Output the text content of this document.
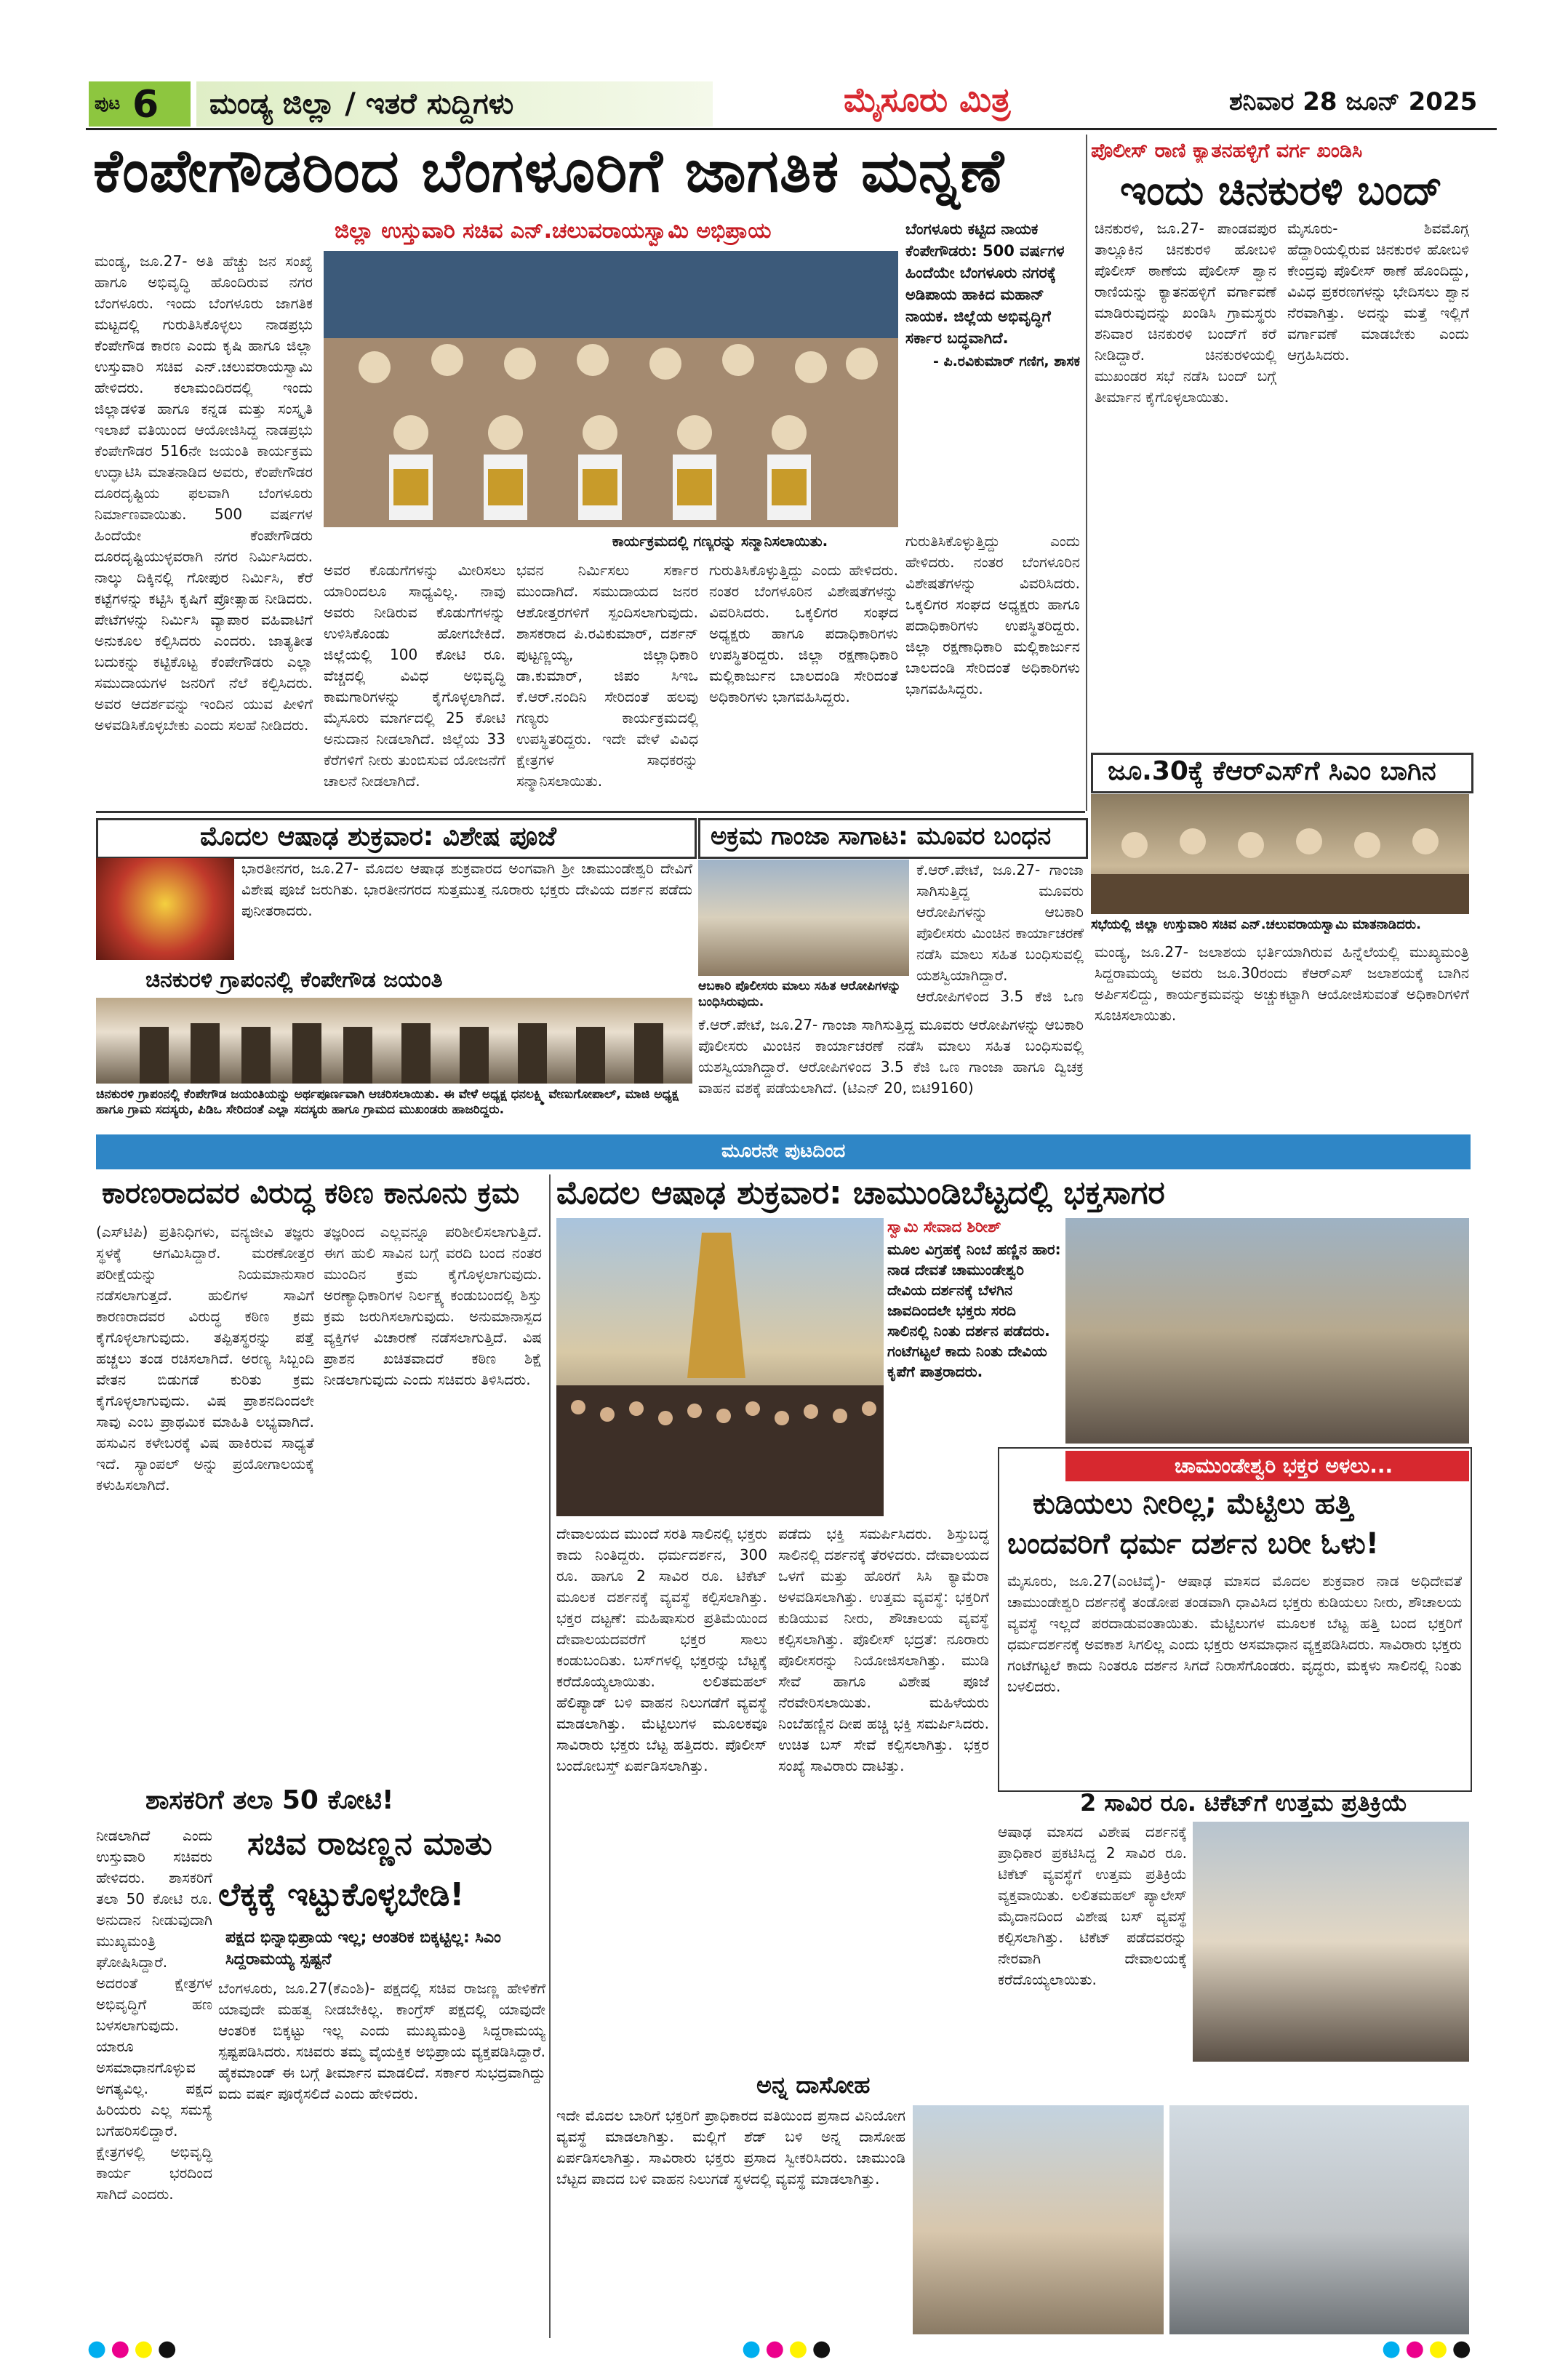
ಪುಟ 6 ಮಂಡ್ಯ ಜಿಲ್ಲಾ / ಇತರೆ ಸುದ್ದಿಗಳು	ಮೈಸೂರು ಮಿತ್ರ	ಶನಿವಾರ 28 ಜೂನ್ 2025
ಕೆಂಪೇಗೌಡರಿಂದ ಬೆಂಗಳೂರಿಗೆ ಜಾಗತಿಕ ಮನ್ನಣೆ
ಜಿಲ್ಲಾ ಉಸ್ತುವಾರಿ ಸಚಿವ ಎನ್.ಚಲುವರಾಯಸ್ವಾಮಿ ಅಭಿಪ್ರಾಯ
ಮಂಡ್ಯ, ಜೂ.27- ಅತಿ ಹೆಚ್ಚು ಜನ ಸಂಖ್ಯೆ ಹಾಗೂ ಅಭಿವೃದ್ಧಿ ಹೊಂದಿರುವ ನಗರ ಬೆಂಗಳೂರು. ಇಂದು ಬೆಂಗಳೂರು ಜಾಗತಿಕ ಮಟ್ಟದಲ್ಲಿ ಗುರುತಿಸಿಕೊಳ್ಳಲು ನಾಡಪ್ರಭು ಕೆಂಪೇಗೌಡ ಕಾರಣ ಎಂದು ಕೃಷಿ ಹಾಗೂ ಜಿಲ್ಲಾ ಉಸ್ತುವಾರಿ ಸಚಿವ ಎನ್.ಚಲುವರಾಯಸ್ವಾಮಿ ಹೇಳಿದರು. ಕಲಾಮಂದಿರದಲ್ಲಿ ಇಂದು ಜಿಲ್ಲಾಡಳಿತ ಹಾಗೂ ಕನ್ನಡ ಮತ್ತು ಸಂಸ್ಕೃತಿ ಇಲಾಖೆ ವತಿಯಿಂದ ಆಯೋಜಿಸಿದ್ದ ನಾಡಪ್ರಭು ಕೆಂಪೇಗೌಡರ 516ನೇ ಜಯಂತಿ ಕಾರ್ಯಕ್ರಮ ಉದ್ಘಾಟಿಸಿ ಮಾತನಾಡಿದ ಅವರು, ಕೆಂಪೇಗೌಡರ ದೂರದೃಷ್ಟಿಯ ಫಲವಾಗಿ ಬೆಂಗಳೂರು ನಿರ್ಮಾಣವಾಯಿತು. 500 ವರ್ಷಗಳ ಹಿಂದೆಯೇ ಕೆಂಪೇಗೌಡರು ದೂರದೃಷ್ಟಿಯುಳ್ಳವರಾಗಿ ನಗರ ನಿರ್ಮಿಸಿದರು. ನಾಲ್ಕು ದಿಕ್ಕಿನಲ್ಲಿ ಗೋಪುರ ನಿರ್ಮಿಸಿ, ಕೆರೆ ಕಟ್ಟೆಗಳನ್ನು ಕಟ್ಟಿಸಿ ಕೃಷಿಗೆ ಪ್ರೋತ್ಸಾಹ ನೀಡಿದರು. ಪೇಟೆಗಳನ್ನು ನಿರ್ಮಿಸಿ ವ್ಯಾಪಾರ ವಹಿವಾಟಿಗೆ ಅನುಕೂಲ ಕಲ್ಪಿಸಿದರು ಎಂದರು. ಜಾತ್ಯತೀತ ಬದುಕನ್ನು ಕಟ್ಟಿಕೊಟ್ಟ ಕೆಂಪೇಗೌಡರು ಎಲ್ಲಾ ಸಮುದಾಯಗಳ ಜನರಿಗೆ ನೆಲೆ ಕಲ್ಪಿಸಿದರು. ಅವರ ಆದರ್ಶವನ್ನು ಇಂದಿನ ಯುವ ಪೀಳಿಗೆ ಅಳವಡಿಸಿಕೊಳ್ಳಬೇಕು ಎಂದು ಸಲಹೆ ನೀಡಿದರು.
ಕಾರ್ಯಕ್ರಮದಲ್ಲಿ ಗಣ್ಯರನ್ನು ಸನ್ಮಾನಿಸಲಾಯಿತು.
ಅವರ ಕೊಡುಗೆಗಳನ್ನು ಮೀರಿಸಲು ಯಾರಿಂದಲೂ ಸಾಧ್ಯವಿಲ್ಲ. ನಾವು ಅವರು ನೀಡಿರುವ ಕೊಡುಗೆಗಳನ್ನು ಉಳಿಸಿಕೊಂಡು ಹೋಗಬೇಕಿದೆ. ಜಿಲ್ಲೆಯಲ್ಲಿ 100 ಕೋಟಿ ರೂ. ವೆಚ್ಚದಲ್ಲಿ ವಿವಿಧ ಅಭಿವೃದ್ಧಿ ಕಾಮಗಾರಿಗಳನ್ನು ಕೈಗೊಳ್ಳಲಾಗಿದೆ. ಮೈಸೂರು ಮಾರ್ಗದಲ್ಲಿ 25 ಕೋಟಿ ಅನುದಾನ ನೀಡಲಾಗಿದೆ. ಜಿಲ್ಲೆಯ 33 ಕೆರೆಗಳಿಗೆ ನೀರು ತುಂಬಿಸುವ ಯೋಜನೆಗೆ ಚಾಲನೆ ನೀಡಲಾಗಿದೆ.
ಭವನ ನಿರ್ಮಿಸಲು ಸರ್ಕಾರ ಮುಂದಾಗಿದೆ. ಸಮುದಾಯದ ಜನರ ಆಶೋತ್ತರಗಳಿಗೆ ಸ್ಪಂದಿಸಲಾಗುವುದು. ಶಾಸಕರಾದ ಪಿ.ರವಿಕುಮಾರ್, ದರ್ಶನ್ ಪುಟ್ಟಣ್ಣಯ್ಯ, ಜಿಲ್ಲಾಧಿಕಾರಿ ಡಾ.ಕುಮಾರ್, ಜಿಪಂ ಸಿಇಒ ಕೆ.ಆರ್.ನಂದಿನಿ ಸೇರಿದಂತೆ ಹಲವು ಗಣ್ಯರು ಕಾರ್ಯಕ್ರಮದಲ್ಲಿ ಉಪಸ್ಥಿತರಿದ್ದರು. ಇದೇ ವೇಳೆ ವಿವಿಧ ಕ್ಷೇತ್ರಗಳ ಸಾಧಕರನ್ನು ಸನ್ಮಾನಿಸಲಾಯಿತು.
ಗುರುತಿಸಿಕೊಳ್ಳುತ್ತಿದ್ದು ಎಂದು ಹೇಳಿದರು. ನಂತರ ಬೆಂಗಳೂರಿನ ವಿಶೇಷತೆಗಳನ್ನು ವಿವರಿಸಿದರು. ಒಕ್ಕಲಿಗರ ಸಂಘದ ಅಧ್ಯಕ್ಷರು ಹಾಗೂ ಪದಾಧಿಕಾರಿಗಳು ಉಪಸ್ಥಿತರಿದ್ದರು. ಜಿಲ್ಲಾ ರಕ್ಷಣಾಧಿಕಾರಿ ಮಲ್ಲಿಕಾರ್ಜುನ ಬಾಲದಂಡಿ ಸೇರಿದಂತೆ ಅಧಿಕಾರಿಗಳು ಭಾಗವಹಿಸಿದ್ದರು.
ಬೆಂಗಳೂರು ಕಟ್ಟಿದ ನಾಯಕ ಕೆಂಪೇಗೌಡರು: 500 ವರ್ಷಗಳ ಹಿಂದೆಯೇ ಬೆಂಗಳೂರು ನಗರಕ್ಕೆ ಅಡಿಪಾಯ ಹಾಕಿದ ಮಹಾನ್ ನಾಯಕ. ಜಿಲ್ಲೆಯ ಅಭಿವೃದ್ಧಿಗೆ ಸರ್ಕಾರ ಬದ್ಧವಾಗಿದೆ.
- ಪಿ.ರವಿಕುಮಾರ್ ಗಣಿಗ, ಶಾಸಕ
ಗುರುತಿಸಿಕೊಳ್ಳುತ್ತಿದ್ದು ಎಂದು ಹೇಳಿದರು. ನಂತರ ಬೆಂಗಳೂರಿನ ವಿಶೇಷತೆಗಳನ್ನು ವಿವರಿಸಿದರು. ಒಕ್ಕಲಿಗರ ಸಂಘದ ಅಧ್ಯಕ್ಷರು ಹಾಗೂ ಪದಾಧಿಕಾರಿಗಳು ಉಪಸ್ಥಿತರಿದ್ದರು. ಜಿಲ್ಲಾ ರಕ್ಷಣಾಧಿಕಾರಿ ಮಲ್ಲಿಕಾರ್ಜುನ ಬಾಲದಂಡಿ ಸೇರಿದಂತೆ ಅಧಿಕಾರಿಗಳು ಭಾಗವಹಿಸಿದ್ದರು.
ಪೊಲೀಸ್ ರಾಣಿ ಕ್ಯಾತನಹಳ್ಳಿಗೆ ವರ್ಗ ಖಂಡಿಸಿ
ಇಂದು ಚಿನಕುರಳಿ ಬಂದ್
ಚಿನಕುರಳಿ, ಜೂ.27- ಪಾಂಡವಪುರ ತಾಲ್ಲೂಕಿನ ಚಿನಕುರಳಿ ಹೋಬಳಿ ಪೊಲೀಸ್ ಠಾಣೆಯ ಪೊಲೀಸ್ ಶ್ವಾನ ರಾಣಿಯನ್ನು ಕ್ಯಾತನಹಳ್ಳಿಗೆ ವರ್ಗಾವಣೆ ಮಾಡಿರುವುದನ್ನು ಖಂಡಿಸಿ ಗ್ರಾಮಸ್ಥರು ಶನಿವಾರ ಚಿನಕುರಳಿ ಬಂದ್‌ಗೆ ಕರೆ ನೀಡಿದ್ದಾರೆ. ಚಿನಕುರಳಿಯಲ್ಲಿ ಮುಖಂಡರ ಸಭೆ ನಡೆಸಿ ಬಂದ್ ಬಗ್ಗೆ ತೀರ್ಮಾನ ಕೈಗೊಳ್ಳಲಾಯಿತು.
ಮೈಸೂರು- ಶಿವಮೊಗ್ಗ ಹೆದ್ದಾರಿಯಲ್ಲಿರುವ ಚಿನಕುರಳಿ ಹೋಬಳಿ ಕೇಂದ್ರವು ಪೊಲೀಸ್ ಠಾಣೆ ಹೊಂದಿದ್ದು, ವಿವಿಧ ಪ್ರಕರಣಗಳನ್ನು ಭೇದಿಸಲು ಶ್ವಾನ ನೆರವಾಗಿತ್ತು. ಅದನ್ನು ಮತ್ತೆ ಇಲ್ಲಿಗೆ ವರ್ಗಾವಣೆ ಮಾಡಬೇಕು ಎಂದು ಆಗ್ರಹಿಸಿದರು.
ಜೂ.30ಕ್ಕೆ ಕೆಆರ್‌ಎಸ್‌ಗೆ ಸಿಎಂ ಬಾಗಿನ
ಸಭೆಯಲ್ಲಿ ಜಿಲ್ಲಾ ಉಸ್ತುವಾರಿ ಸಚಿವ ಎನ್.ಚಲುವರಾಯಸ್ವಾಮಿ ಮಾತನಾಡಿದರು.
ಮಂಡ್ಯ, ಜೂ.27- ಜಲಾಶಯ ಭರ್ತಿಯಾಗಿರುವ ಹಿನ್ನೆಲೆಯಲ್ಲಿ ಮುಖ್ಯಮಂತ್ರಿ ಸಿದ್ದರಾಮಯ್ಯ ಅವರು ಜೂ.30ರಂದು ಕೆಆರ್‌ಎಸ್ ಜಲಾಶಯಕ್ಕೆ ಬಾಗಿನ ಅರ್ಪಿಸಲಿದ್ದು, ಕಾರ್ಯಕ್ರಮವನ್ನು ಅಚ್ಚುಕಟ್ಟಾಗಿ ಆಯೋಜಿಸುವಂತೆ ಅಧಿಕಾರಿಗಳಿಗೆ ಸೂಚಿಸಲಾಯಿತು.
ಮೊದಲ ಆಷಾಢ ಶುಕ್ರವಾರ: ವಿಶೇಷ ಪೂಜೆ
ಭಾರತೀನಗರ, ಜೂ.27- ಮೊದಲ ಆಷಾಢ ಶುಕ್ರವಾರದ ಅಂಗವಾಗಿ ಶ್ರೀ ಚಾಮುಂಡೇಶ್ವರಿ ದೇವಿಗೆ ವಿಶೇಷ ಪೂಜೆ ಜರುಗಿತು. ಭಾರತೀನಗರದ ಸುತ್ತಮುತ್ತ ನೂರಾರು ಭಕ್ತರು ದೇವಿಯ ದರ್ಶನ ಪಡೆದು ಪುನೀತರಾದರು.
ಅಕ್ರಮ ಗಾಂಜಾ ಸಾಗಾಟ: ಮೂವರ ಬಂಧನ
ಆಬಕಾರಿ ಪೊಲೀಸರು ಮಾಲು ಸಹಿತ ಆರೋಪಿಗಳನ್ನು ಬಂಧಿಸಿರುವುದು.
ಕೆ.ಆರ್.ಪೇಟೆ, ಜೂ.27- ಗಾಂಜಾ ಸಾಗಿಸುತ್ತಿದ್ದ ಮೂವರು ಆರೋಪಿಗಳನ್ನು ಆಬಕಾರಿ ಪೊಲೀಸರು ಮಿಂಚಿನ ಕಾರ್ಯಾಚರಣೆ ನಡೆಸಿ ಮಾಲು ಸಹಿತ ಬಂಧಿಸುವಲ್ಲಿ ಯಶಸ್ವಿಯಾಗಿದ್ದಾರೆ. ಆರೋಪಿಗಳಿಂದ 3.5 ಕೆಜಿ ಒಣ
ಕೆ.ಆರ್.ಪೇಟೆ, ಜೂ.27- ಗಾಂಜಾ ಸಾಗಿಸುತ್ತಿದ್ದ ಮೂವರು ಆರೋಪಿಗಳನ್ನು ಆಬಕಾರಿ ಪೊಲೀಸರು ಮಿಂಚಿನ ಕಾರ್ಯಾಚರಣೆ ನಡೆಸಿ ಮಾಲು ಸಹಿತ ಬಂಧಿಸುವಲ್ಲಿ ಯಶಸ್ವಿಯಾಗಿದ್ದಾರೆ. ಆರೋಪಿಗಳಿಂದ 3.5 ಕೆಜಿ ಒಣ ಗಾಂಜಾ ಹಾಗೂ ದ್ವಿಚಕ್ರ ವಾಹನ ವಶಕ್ಕೆ ಪಡೆಯಲಾಗಿದೆ. (ಟಿಎನ್ 20, ಬಿಟಿ9160)
ಚಿನಕುರಳಿ ಗ್ರಾಪಂನಲ್ಲಿ ಕೆಂಪೇಗೌಡ ಜಯಂತಿ
ಚಿನಕುರಳಿ ಗ್ರಾಪಂನಲ್ಲಿ ಕೆಂಪೇಗೌಡ ಜಯಂತಿಯನ್ನು ಅರ್ಥಪೂರ್ಣವಾಗಿ ಆಚರಿಸಲಾಯಿತು. ಈ ವೇಳೆ ಅಧ್ಯಕ್ಷ ಧನಲಕ್ಷ್ಮಿ ವೇಣುಗೋಪಾಲ್, ಮಾಜಿ ಅಧ್ಯಕ್ಷ ಹಾಗೂ ಗ್ರಾಮ ಸದಸ್ಯರು, ಪಿಡಿಒ ಸೇರಿದಂತೆ ಎಲ್ಲಾ ಸದಸ್ಯರು ಹಾಗೂ ಗ್ರಾಮದ ಮುಖಂಡರು ಹಾಜರಿದ್ದರು.
ಮೂರನೇ ಪುಟದಿಂದ
ಕಾರಣರಾದವರ ವಿರುದ್ಧ ಕಠಿಣ ಕಾನೂನು ಕ್ರಮ
(ಎಸ್‌ಟಿಪಿ) ಪ್ರತಿನಿಧಿಗಳು, ವನ್ಯಜೀವಿ ತಜ್ಞರು ಸ್ಥಳಕ್ಕೆ ಆಗಮಿಸಿದ್ದಾರೆ. ಮರಣೋತ್ತರ ಪರೀಕ್ಷೆಯನ್ನು ನಿಯಮಾನುಸಾರ ನಡೆಸಲಾಗುತ್ತದೆ. ಹುಲಿಗಳ ಸಾವಿಗೆ ಕಾರಣರಾದವರ ವಿರುದ್ಧ ಕಠಿಣ ಕ್ರಮ ಕೈಗೊಳ್ಳಲಾಗುವುದು. ತಪ್ಪಿತಸ್ಥರನ್ನು ಪತ್ತೆ ಹಚ್ಚಲು ತಂಡ ರಚಿಸಲಾಗಿದೆ. ಅರಣ್ಯ ಸಿಬ್ಬಂದಿ ವೇತನ ಬಿಡುಗಡೆ ಕುರಿತು ಕ್ರಮ ಕೈಗೊಳ್ಳಲಾಗುವುದು. ವಿಷ ಪ್ರಾಶನದಿಂದಲೇ ಸಾವು ಎಂಬ ಪ್ರಾಥಮಿಕ ಮಾಹಿತಿ ಲಭ್ಯವಾಗಿದೆ. ಹಸುವಿನ ಕಳೇಬರಕ್ಕೆ ವಿಷ ಹಾಕಿರುವ ಸಾಧ್ಯತೆ ಇದೆ. ಸ್ಯಾಂಪಲ್ ಅನ್ನು ಪ್ರಯೋಗಾಲಯಕ್ಕೆ ಕಳುಹಿಸಲಾಗಿದೆ.
ತಜ್ಞರಿಂದ ಎಲ್ಲವನ್ನೂ ಪರಿಶೀಲಿಸಲಾಗುತ್ತಿದೆ. ಈಗ ಹುಲಿ ಸಾವಿನ ಬಗ್ಗೆ ವರದಿ ಬಂದ ನಂತರ ಮುಂದಿನ ಕ್ರಮ ಕೈಗೊಳ್ಳಲಾಗುವುದು. ಅರಣ್ಯಾಧಿಕಾರಿಗಳ ನಿರ್ಲಕ್ಷ್ಯ ಕಂಡುಬಂದಲ್ಲಿ ಶಿಸ್ತು ಕ್ರಮ ಜರುಗಿಸಲಾಗುವುದು. ಅನುಮಾನಾಸ್ಪದ ವ್ಯಕ್ತಿಗಳ ವಿಚಾರಣೆ ನಡೆಸಲಾಗುತ್ತಿದೆ. ವಿಷ ಪ್ರಾಶನ ಖಚಿತವಾದರೆ ಕಠಿಣ ಶಿಕ್ಷೆ ನೀಡಲಾಗುವುದು ಎಂದು ಸಚಿವರು ತಿಳಿಸಿದರು.
ಶಾಸಕರಿಗೆ ತಲಾ 50 ಕೋಟಿ!
ನೀಡಲಾಗಿದೆ ಎಂದು ಉಸ್ತುವಾರಿ ಸಚಿವರು ಹೇಳಿದರು. ಶಾಸಕರಿಗೆ ತಲಾ 50 ಕೋಟಿ ರೂ. ಅನುದಾನ ನೀಡುವುದಾಗಿ ಮುಖ್ಯಮಂತ್ರಿ ಘೋಷಿಸಿದ್ದಾರೆ. ಅದರಂತೆ ಕ್ಷೇತ್ರಗಳ ಅಭಿವೃದ್ಧಿಗೆ ಹಣ ಬಳಸಲಾಗುವುದು. ಯಾರೂ ಅಸಮಾಧಾನಗೊಳ್ಳುವ ಅಗತ್ಯವಿಲ್ಲ. ಪಕ್ಷದ ಹಿರಿಯರು ಎಲ್ಲ ಸಮಸ್ಯೆ ಬಗೆಹರಿಸಲಿದ್ದಾರೆ. ಕ್ಷೇತ್ರಗಳಲ್ಲಿ ಅಭಿವೃದ್ಧಿ ಕಾರ್ಯ ಭರದಿಂದ ಸಾಗಿದೆ ಎಂದರು.
ಸಚಿವ ರಾಜಣ್ಣನ ಮಾತು
ಲೆಕ್ಕಕ್ಕೆ ಇಟ್ಟುಕೊಳ್ಳಬೇಡಿ!
ಪಕ್ಷದ ಭಿನ್ನಾಭಿಪ್ರಾಯ ಇಲ್ಲ; ಆಂತರಿಕ ಬಿಕ್ಕಟ್ಟಿಲ್ಲ: ಸಿಎಂ ಸಿದ್ದರಾಮಯ್ಯ ಸ್ಪಷ್ಟನೆ
ಬೆಂಗಳೂರು, ಜೂ.27(ಕೆಎಂಶಿ)- ಪಕ್ಷದಲ್ಲಿ ಸಚಿವ ರಾಜಣ್ಣ ಹೇಳಿಕೆಗೆ ಯಾವುದೇ ಮಹತ್ವ ನೀಡಬೇಕಿಲ್ಲ. ಕಾಂಗ್ರೆಸ್ ಪಕ್ಷದಲ್ಲಿ ಯಾವುದೇ ಆಂತರಿಕ ಬಿಕ್ಕಟ್ಟು ಇಲ್ಲ ಎಂದು ಮುಖ್ಯಮಂತ್ರಿ ಸಿದ್ದರಾಮಯ್ಯ ಸ್ಪಷ್ಟಪಡಿಸಿದರು. ಸಚಿವರು ತಮ್ಮ ವೈಯಕ್ತಿಕ ಅಭಿಪ್ರಾಯ ವ್ಯಕ್ತಪಡಿಸಿದ್ದಾರೆ. ಹೈಕಮಾಂಡ್ ಈ ಬಗ್ಗೆ ತೀರ್ಮಾನ ಮಾಡಲಿದೆ. ಸರ್ಕಾರ ಸುಭದ್ರವಾಗಿದ್ದು ಐದು ವರ್ಷ ಪೂರೈಸಲಿದೆ ಎಂದು ಹೇಳಿದರು.
ಮೊದಲ ಆಷಾಢ ಶುಕ್ರವಾರ: ಚಾಮುಂಡಿಬೆಟ್ಟದಲ್ಲಿ ಭಕ್ತಸಾಗರ
ಸ್ವಾಮಿ ಸೇವಾದ ಶಿರೀಶ್
ಮೂಲ ವಿಗ್ರಹಕ್ಕೆ ನಿಂಬೆ ಹಣ್ಣಿನ ಹಾರ: ನಾಡ ದೇವತೆ ಚಾಮುಂಡೇಶ್ವರಿ ದೇವಿಯ ದರ್ಶನಕ್ಕೆ ಬೆಳಗಿನ ಜಾವದಿಂದಲೇ ಭಕ್ತರು ಸರದಿ ಸಾಲಿನಲ್ಲಿ ನಿಂತು ದರ್ಶನ ಪಡೆದರು. ಗಂಟೆಗಟ್ಟಲೆ ಕಾದು ನಿಂತು ದೇವಿಯ ಕೃಪೆಗೆ ಪಾತ್ರರಾದರು.
ದೇವಾಲಯದ ಮುಂದೆ ಸರತಿ ಸಾಲಿನಲ್ಲಿ ಭಕ್ತರು ಕಾದು ನಿಂತಿದ್ದರು. ಧರ್ಮದರ್ಶನ, 300 ರೂ. ಹಾಗೂ 2 ಸಾವಿರ ರೂ. ಟಿಕೆಟ್ ಮೂಲಕ ದರ್ಶನಕ್ಕೆ ವ್ಯವಸ್ಥೆ ಕಲ್ಪಿಸಲಾಗಿತ್ತು. ಭಕ್ತರ ದಟ್ಟಣೆ: ಮಹಿಷಾಸುರ ಪ್ರತಿಮೆಯಿಂದ ದೇವಾಲಯದವರೆಗೆ ಭಕ್ತರ ಸಾಲು ಕಂಡುಬಂದಿತು. ಬಸ್‌ಗಳಲ್ಲಿ ಭಕ್ತರನ್ನು ಬೆಟ್ಟಕ್ಕೆ ಕರೆದೊಯ್ಯಲಾಯಿತು. ಲಲಿತಮಹಲ್ ಹೆಲಿಪ್ಯಾಡ್ ಬಳಿ ವಾಹನ ನಿಲುಗಡೆಗೆ ವ್ಯವಸ್ಥೆ ಮಾಡಲಾಗಿತ್ತು. ಮೆಟ್ಟಿಲುಗಳ ಮೂಲಕವೂ ಸಾವಿರಾರು ಭಕ್ತರು ಬೆಟ್ಟ ಹತ್ತಿದರು. ಪೊಲೀಸ್ ಬಂದೋಬಸ್ತ್ ಏರ್ಪಡಿಸಲಾಗಿತ್ತು.
ಪಡೆದು ಭಕ್ತಿ ಸಮರ್ಪಿಸಿದರು. ಶಿಸ್ತುಬದ್ಧ ಸಾಲಿನಲ್ಲಿ ದರ್ಶನಕ್ಕೆ ತೆರಳಿದರು. ದೇವಾಲಯದ ಒಳಗೆ ಮತ್ತು ಹೊರಗೆ ಸಿಸಿ ಕ್ಯಾಮೆರಾ ಅಳವಡಿಸಲಾಗಿತ್ತು. ಉತ್ತಮ ವ್ಯವಸ್ಥೆ: ಭಕ್ತರಿಗೆ ಕುಡಿಯುವ ನೀರು, ಶೌಚಾಲಯ ವ್ಯವಸ್ಥೆ ಕಲ್ಪಿಸಲಾಗಿತ್ತು. ಪೊಲೀಸ್ ಭದ್ರತೆ: ನೂರಾರು ಪೊಲೀಸರನ್ನು ನಿಯೋಜಿಸಲಾಗಿತ್ತು. ಮುಡಿ ಸೇವೆ ಹಾಗೂ ವಿಶೇಷ ಪೂಜೆ ನೆರವೇರಿಸಲಾಯಿತು. ಮಹಿಳೆಯರು ನಿಂಬೆಹಣ್ಣಿನ ದೀಪ ಹಚ್ಚಿ ಭಕ್ತಿ ಸಮರ್ಪಿಸಿದರು. ಉಚಿತ ಬಸ್ ಸೇವೆ ಕಲ್ಪಿಸಲಾಗಿತ್ತು. ಭಕ್ತರ ಸಂಖ್ಯೆ ಸಾವಿರಾರು ದಾಟಿತ್ತು.
ಚಾಮುಂಡೇಶ್ವರಿ ಭಕ್ತರ ಅಳಲು...
ಕುಡಿಯಲು ನೀರಿಲ್ಲ; ಮೆಟ್ಟಿಲು ಹತ್ತಿ
ಬಂದವರಿಗೆ ಧರ್ಮ ದರ್ಶನ ಬರೀ ಓಳು!
ಮೈಸೂರು, ಜೂ.27(ಎಂಟಿವೈ)- ಆಷಾಢ ಮಾಸದ ಮೊದಲ ಶುಕ್ರವಾರ ನಾಡ ಅಧಿದೇವತೆ ಚಾಮುಂಡೇಶ್ವರಿ ದರ್ಶನಕ್ಕೆ ತಂಡೋಪ ತಂಡವಾಗಿ ಧಾವಿಸಿದ ಭಕ್ತರು ಕುಡಿಯಲು ನೀರು, ಶೌಚಾಲಯ ವ್ಯವಸ್ಥೆ ಇಲ್ಲದೆ ಪರದಾಡುವಂತಾಯಿತು. ಮೆಟ್ಟಿಲುಗಳ ಮೂಲಕ ಬೆಟ್ಟ ಹತ್ತಿ ಬಂದ ಭಕ್ತರಿಗೆ ಧರ್ಮದರ್ಶನಕ್ಕೆ ಅವಕಾಶ ಸಿಗಲಿಲ್ಲ ಎಂದು ಭಕ್ತರು ಅಸಮಾಧಾನ ವ್ಯಕ್ತಪಡಿಸಿದರು. ಸಾವಿರಾರು ಭಕ್ತರು ಗಂಟೆಗಟ್ಟಲೆ ಕಾದು ನಿಂತರೂ ದರ್ಶನ ಸಿಗದೆ ನಿರಾಸೆಗೊಂಡರು. ವೃದ್ಧರು, ಮಕ್ಕಳು ಸಾಲಿನಲ್ಲಿ ನಿಂತು ಬಳಲಿದರು.
2 ಸಾವಿರ ರೂ. ಟಿಕೆಟ್‌ಗೆ ಉತ್ತಮ ಪ್ರತಿಕ್ರಿಯೆ
ಆಷಾಢ ಮಾಸದ ವಿಶೇಷ ದರ್ಶನಕ್ಕೆ ಪ್ರಾಧಿಕಾರ ಪ್ರಕಟಿಸಿದ್ದ 2 ಸಾವಿರ ರೂ. ಟಿಕೆಟ್ ವ್ಯವಸ್ಥೆಗೆ ಉತ್ತಮ ಪ್ರತಿಕ್ರಿಯೆ ವ್ಯಕ್ತವಾಯಿತು. ಲಲಿತಮಹಲ್ ಪ್ಯಾಲೇಸ್ ಮೈದಾನದಿಂದ ವಿಶೇಷ ಬಸ್ ವ್ಯವಸ್ಥೆ ಕಲ್ಪಿಸಲಾಗಿತ್ತು. ಟಿಕೆಟ್ ಪಡೆದವರನ್ನು ನೇರವಾಗಿ ದೇವಾಲಯಕ್ಕೆ ಕರೆದೊಯ್ಯಲಾಯಿತು.
ಅನ್ನ ದಾಸೋಹ
ಇದೇ ಮೊದಲ ಬಾರಿಗೆ ಭಕ್ತರಿಗೆ ಪ್ರಾಧಿಕಾರದ ವತಿಯಿಂದ ಪ್ರಸಾದ ವಿನಿಯೋಗ ವ್ಯವಸ್ಥೆ ಮಾಡಲಾಗಿತ್ತು. ಮಲ್ಲಿಗೆ ಶೆಡ್ ಬಳಿ ಅನ್ನ ದಾಸೋಹ ಏರ್ಪಡಿಸಲಾಗಿತ್ತು. ಸಾವಿರಾರು ಭಕ್ತರು ಪ್ರಸಾದ ಸ್ವೀಕರಿಸಿದರು. ಚಾಮುಂಡಿ ಬೆಟ್ಟದ ಪಾದದ ಬಳಿ ವಾಹನ ನಿಲುಗಡೆ ಸ್ಥಳದಲ್ಲಿ ವ್ಯವಸ್ಥೆ ಮಾಡಲಾಗಿತ್ತು.
●●●●	●●●●	●●●●
